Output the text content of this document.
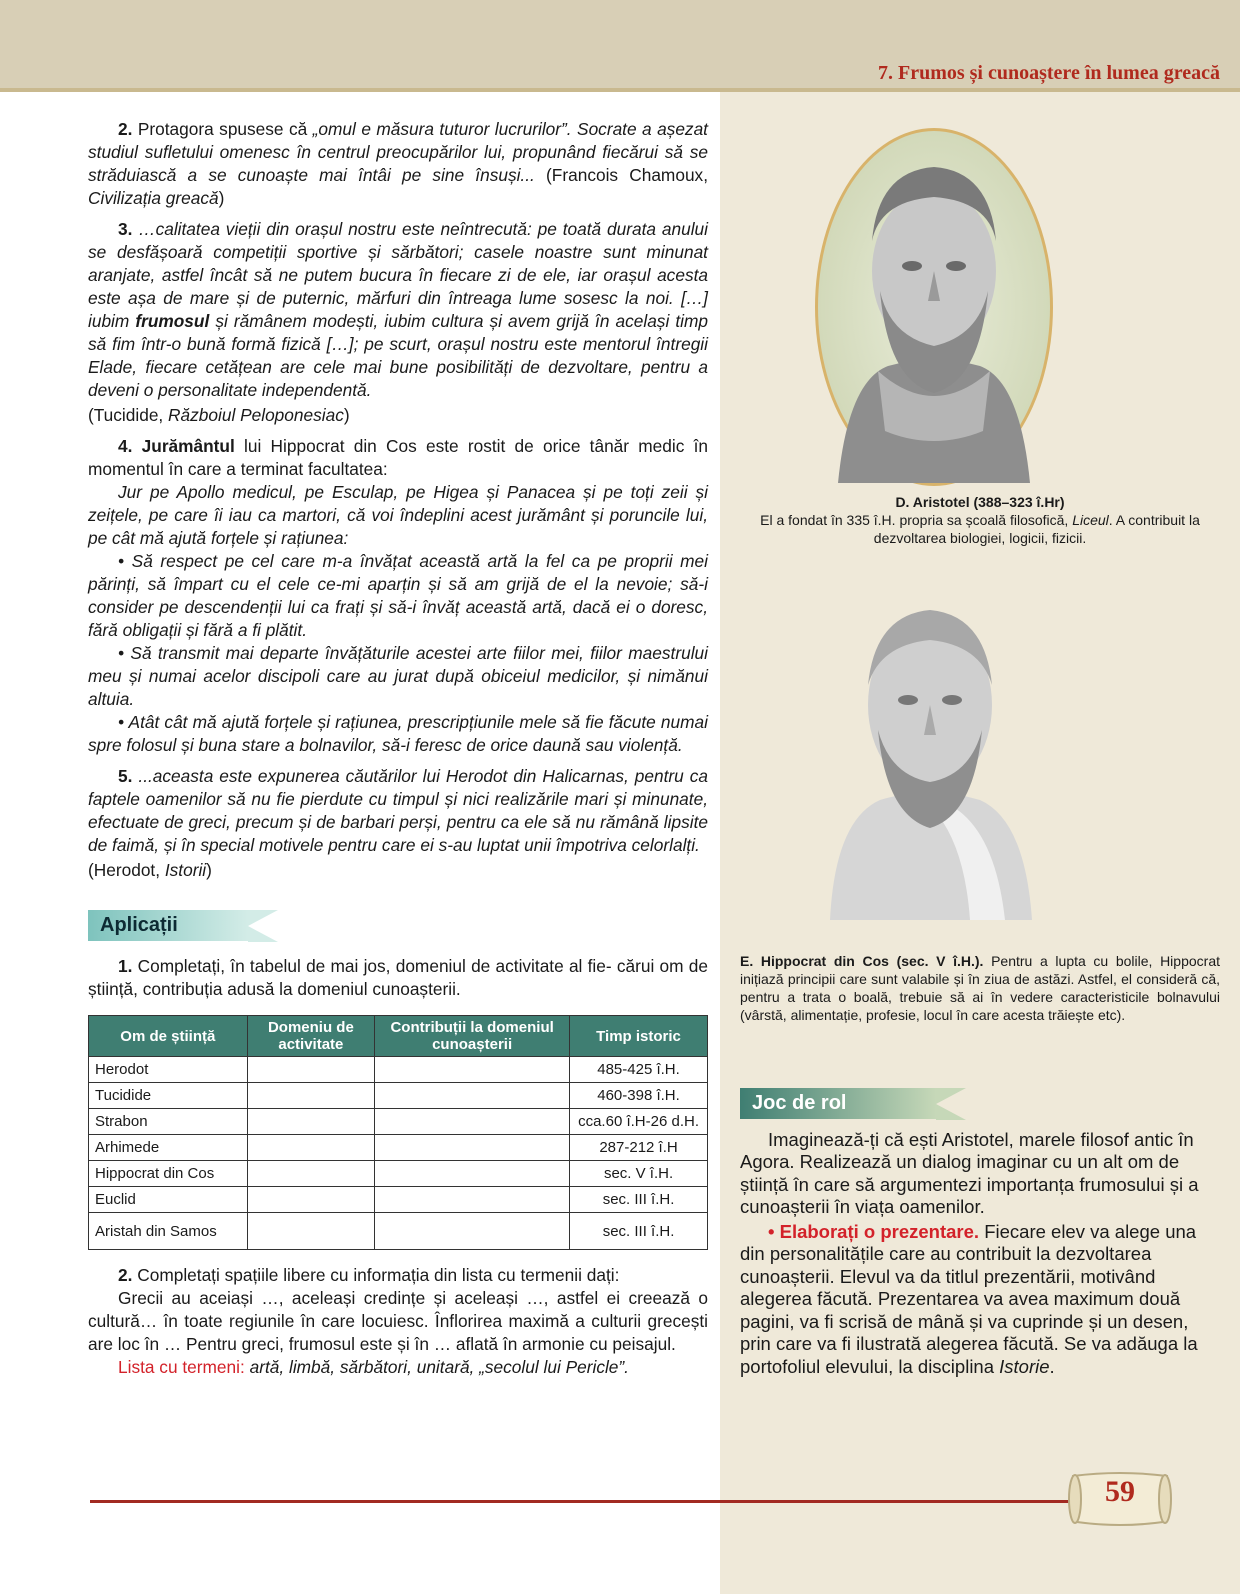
7. Frumos și cunoaștere în lumea greacă

2. Protagora spusese că „omul e măsura tuturor lucrurilor”. Socrate a așezat studiul sufletului omenesc în centrul preocupărilor lui, propunând fiecărui să se străduiască a se cunoaște mai întâi pe sine însuși... (Francois Chamoux, Civilizația greacă)

3. …calitatea vieții din orașul nostru este neîntrecută: pe toată durata anului se desfășoară competiții sportive și sărbători; casele noastre sunt minunat aranjate, astfel încât să ne putem bucura în fiecare zi de ele, iar orașul acesta este așa de mare și de puternic, mărfuri din întreaga lume sosesc la noi. […] iubim frumosul și rămânem modești, iubim cultura și avem grijă în același timp să fim într-o bună formă fizică […]; pe scurt, orașul nostru este mentorul întregii Elade, fiecare cetățean are cele mai bune posibilități de dezvoltare, pentru a deveni o personalitate independentă.

(Tucidide, Războiul Peloponesiac)

4. Jurământul lui Hippocrat din Cos este rostit de orice tânăr medic în momentul în care a terminat facultatea:

Jur pe Apollo medicul, pe Esculap, pe Higea și Panacea și pe toți zeii și zeițele, pe care îi iau ca martori, că voi îndeplini acest jurământ și poruncile lui, pe cât mă ajută forțele și rațiunea:

• Să respect pe cel care m-a învățat această artă la fel ca pe proprii mei părinți, să împart cu el cele ce-mi aparțin și să am grijă de el la nevoie; să-i consider pe descendenții lui ca frați și să-i învăț această artă, dacă ei o doresc, fără obligații și fără a fi plătit.

• Să transmit mai departe învățăturile acestei arte fiilor mei, fiilor maestrului meu și numai acelor discipoli care au jurat după obiceiul medicilor, și nimănui altuia.

• Atât cât mă ajută forțele și rațiunea, prescripțiunile mele să fie făcute numai spre folosul și buna stare a bolnavilor, să-i feresc de orice daună sau violență.

5. ...aceasta este expunerea căutărilor lui Herodot din Halicarnas, pentru ca faptele oamenilor să nu fie pierdute cu timpul și nici realizările mari și minunate, efectuate de greci, precum și de barbari perși, pentru ca ele să nu rămână lipsite de faimă, și în special motivele pentru care ei s-au luptat unii împotriva celorlalți.

(Herodot, Istorii)

Aplicații

1. Completați, în tabelul de mai jos, domeniul de activitate al fie- cărui om de știință, contribuția adusă la domeniul cunoașterii.

Om de știință	Domeniu de activitate	Contribuții la domeniul cunoașterii	Timp istoric
Herodot			485-425 î.H.
Tucidide			460-398 î.H.
Strabon			cca.60 î.H-26 d.H.
Arhimede			287-212 î.H
Hippocrat din Cos			sec. V î.H.
Euclid			sec. III î.H.
Aristah din Samos			sec. III î.H.

2. Completați spațiile libere cu informația din lista cu termenii dați:

Grecii au aceiași …, aceleași credințe și aceleași …, astfel ei creează o cultură… în toate regiunile în care locuiesc. Înflorirea maximă a culturii grecești are loc în … Pentru greci, frumosul este și în … aflată în armonie cu peisajul.

Lista cu termeni: artă, limbă, sărbători, unitară, „secolul lui Pericle”.

D. Aristotel (388–323 î.Hr)
El a fondat în 335 î.H. propria sa școală filosofică, Liceul. A contribuit la dezvoltarea biologiei, logicii, fizicii.
E. Hippocrat din Cos (sec. V î.H.). Pentru a lupta cu bolile, Hippocrat inițiază principii care sunt valabile și în ziua de astăzi. Astfel, el consideră că, pentru a trata o boală, trebuie să ai în vedere caracteristicile bolnavului (vârstă, alimentație, profesie, locul în care acesta trăiește etc).
Joc de rol

Imaginează-ți că ești Aristotel, marele filosof antic în Agora. Realizează un dialog imaginar cu un alt om de știință în care să argumentezi importanța frumosului și a cunoașterii în viața oamenilor.

• Elaborați o prezentare. Fiecare elev va alege una din personalitățile care au contribuit la dezvoltarea cunoașterii. Elevul va da titlul prezentării, motivând alegerea făcută. Prezentarea va avea maximum două pagini, va fi scrisă de mână și va cuprinde și un desen, prin care va fi ilustrată alegerea făcută. Se va adăuga la portofoliul elevului, la disciplina Istorie.

59
